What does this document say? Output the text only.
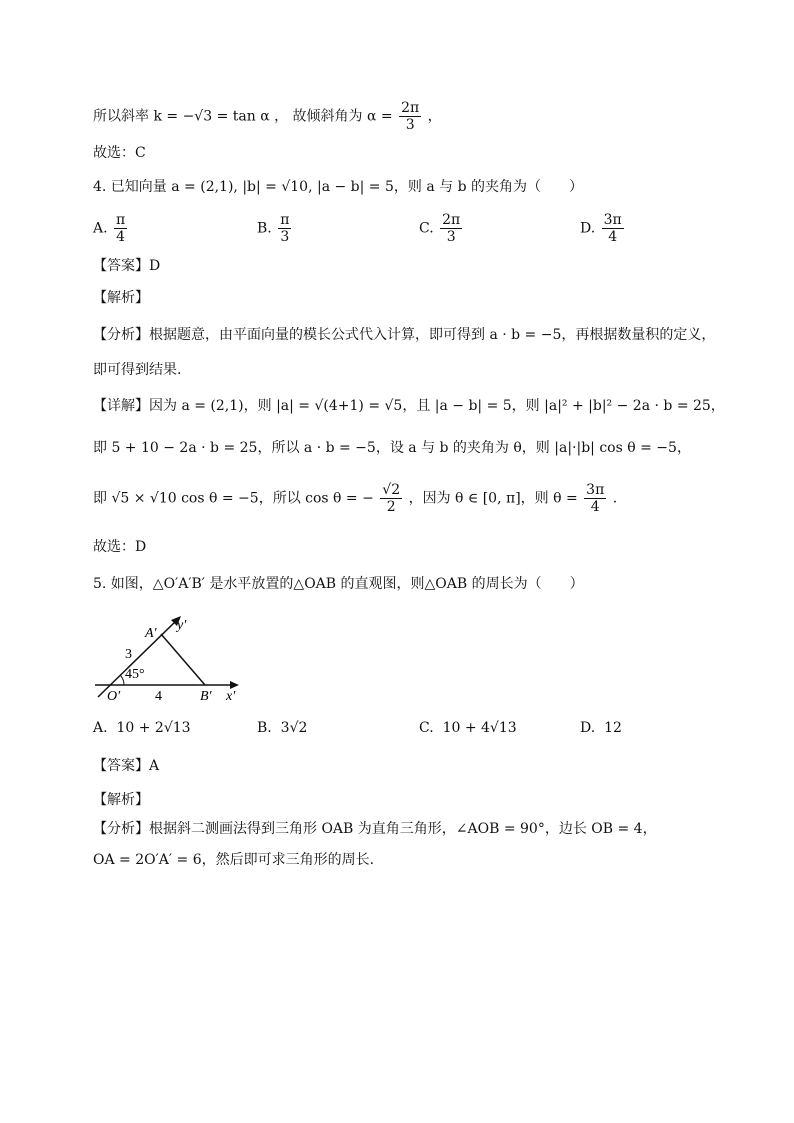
所以斜率 k = −√3 = tan α ， 故倾斜角为 $\alpha = \frac{2\pi}{3}$ ，
故选：C
4. 已知向量 a = (2,1), |b| = √10, |a − b| = 5，则 a 与 b 的夹角为（　　）
A. $\frac{\pi}{4}$	B. $\frac{\pi}{3}$	C. $\frac{2\pi}{3}$	D. $\frac{3\pi}{4}$
【答案】D
【解析】
【分析】根据题意，由平面向量的模长公式代入计算，即可得到 a · b = −5，再根据数量积的定义，
即可得到结果.
【详解】因为 a = (2,1)，则 |a| = √(4+1) = √5，且 |a − b| = 5，则 |a|² + |b|² − 2a · b = 25，
即 5 + 10 − 2a · b = 25，所以 a · b = −5，设 a 与 b 的夹角为 θ，则 |a|·|b| cos θ = −5，
即 √5 × √10 cos θ = −5，所以 cos θ = − $\frac{√2}{2}$ ，因为 θ ∈ [0, π]，则 $\theta = \frac{3\pi}{4}$ .
故选：D
5. 如图，△O′A′B′ 是水平放置的△OAB 的直观图，则△OAB 的周长为（　　）
A′
y′
3
45°
O′ 4	B′ x′
A. 10 + 2√13	B. 3√2	C. 10 + 4√13	D. 12
【答案】A
【解析】
【分析】根据斜二测画法得到三角形 OAB 为直角三角形，∠AOB = 90°，边长 OB = 4，
OA = 2O′A′ = 6，然后即可求三角形的周长.
